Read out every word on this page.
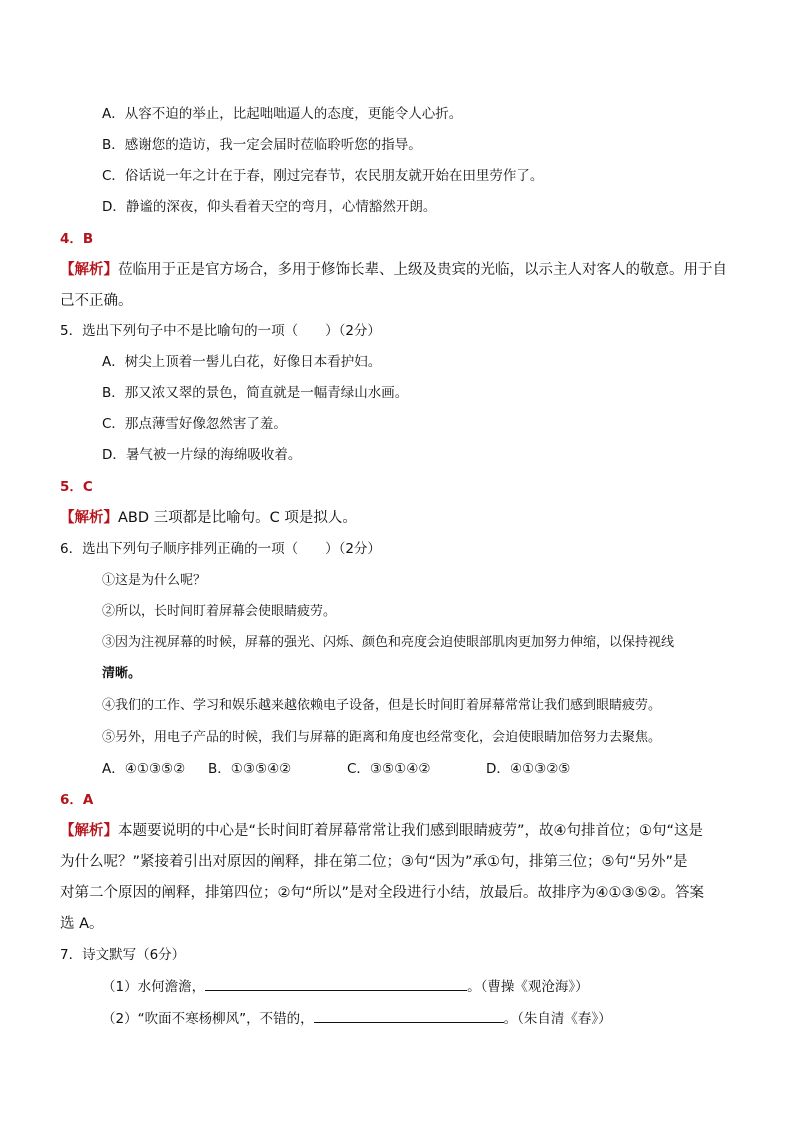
A．从容不迫的举止，比起咄咄逼人的态度，更能令人心折。
B．感谢您的造访，我一定会届时莅临聆听您的指导。
C．俗话说一年之计在于春，刚过完春节，农民朋友就开始在田里劳作了。
D．静谧的深夜，仰头看着天空的弯月，心情豁然开朗。
4．B
【解析】莅临用于正是官方场合，多用于修饰长辈、上级及贵宾的光临，以示主人对客人的敬意。用于自
己不正确。
5．选出下列句子中不是比喻句的一项（　　）（2分）
A．树尖上顶着一髻儿白花，好像日本看护妇。
B．那又浓又翠的景色，简直就是一幅青绿山水画。
C．那点薄雪好像忽然害了羞。
D．暑气被一片绿的海绵吸收着。
5．C
【解析】ABD 三项都是比喻句。C 项是拟人。
6．选出下列句子顺序排列正确的一项（　　）（2分）
①这是为什么呢？
②所以，长时间盯着屏幕会使眼睛疲劳。
③因为注视屏幕的时候，屏幕的强光、闪烁、颜色和亮度会迫使眼部肌肉更加努力伸缩，以保持视线
清晰。
④我们的工作、学习和娱乐越来越依赖电子设备，但是长时间盯着屏幕常常让我们感到眼睛疲劳。
⑤另外，用电子产品的时候，我们与屏幕的距离和角度也经常变化，会迫使眼睛加倍努力去聚焦。
A．④①③⑤② B．①③⑤④②	C．③⑤①④②	D．④①③②⑤
6．A
【解析】本题要说明的中心是“长时间盯着屏幕常常让我们感到眼睛疲劳”，故④句排首位；①句“这是
为什么呢？”紧接着引出对原因的阐释，排在第二位；③句“因为”承①句，排第三位；⑤句“另外”是
对第二个原因的阐释，排第四位；②句“所以”是对全段进行小结，放最后。故排序为④①③⑤②。答案
选 A。
7．诗文默写（6分）
（1）水何澹澹，	。（曹操《观沧海》）
（2）“吹面不寒杨柳风”，不错的，	。（朱自清《春》）
